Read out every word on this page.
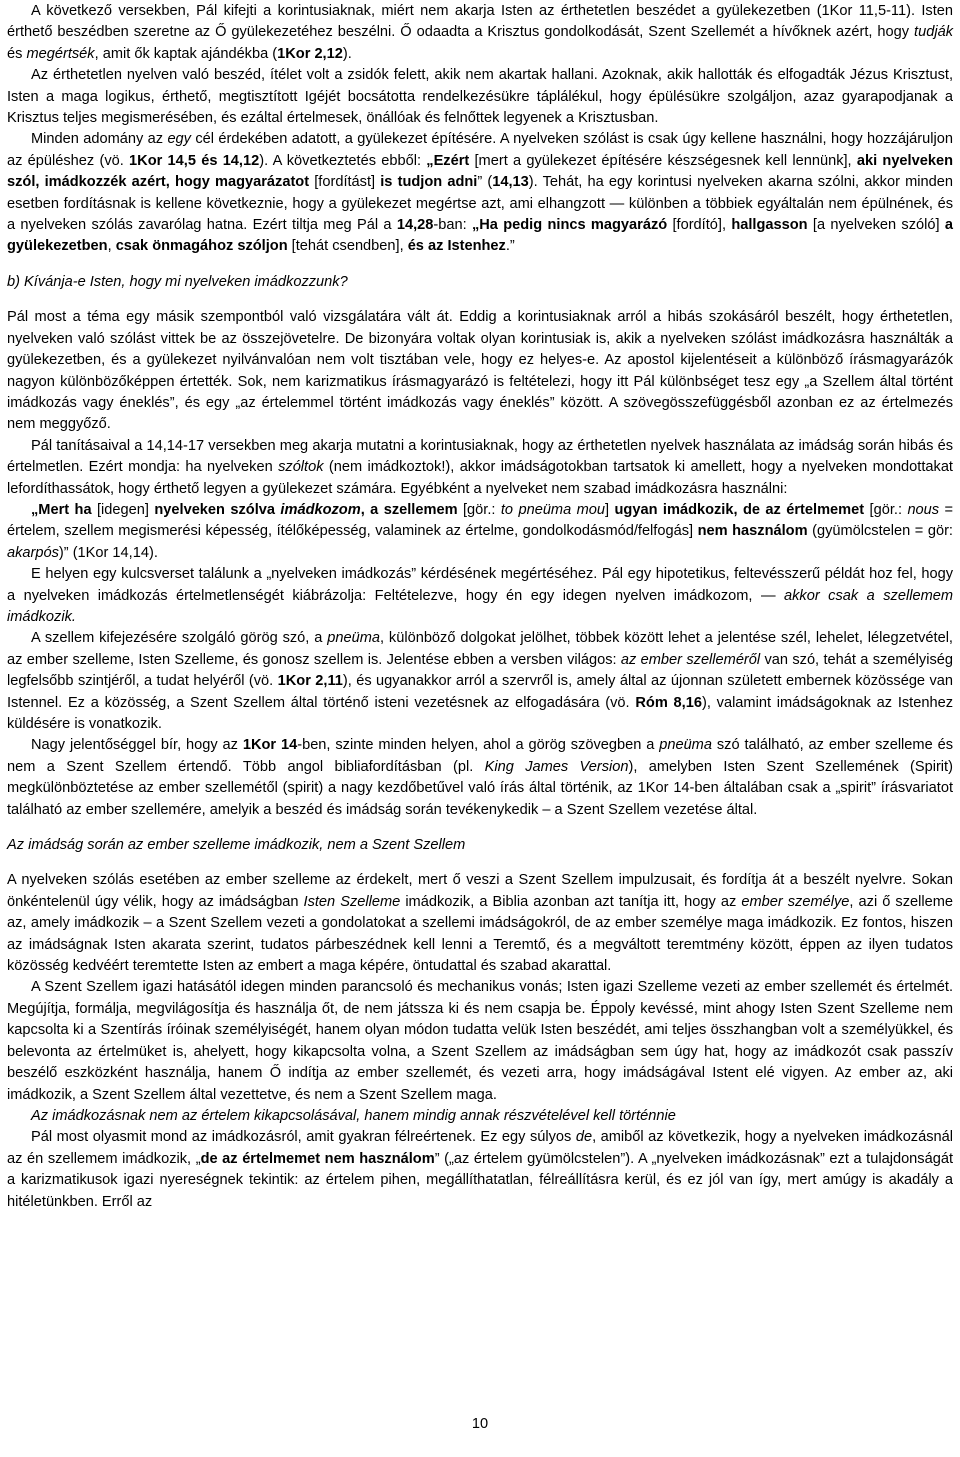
A következő versekben, Pál kifejti a korintusiaknak, miért nem akarja Isten az érthetetlen beszédet a gyülekezetben (1Kor 11,5-11). Isten érthető beszédben szeretne az Ő gyülekezetéhez beszélni. Ő odaadta a Krisztus gondolkodását, Szent Szellemét a hívőknek azért, hogy tudják és megértsék, amit ők kaptak ajándékba (1Kor 2,12).

Az érthetetlen nyelven való beszéd, ítélet volt a zsidók felett, akik nem akartak hallani. Azoknak, akik hallották és elfogadták Jézus Krisztust, Isten a maga logikus, érthető, megtisztított Igéjét bocsátotta rendelkezésükre táplálékul, hogy épülésükre szolgáljon, azaz gyarapodjanak a Krisztus teljes megismerésében, és ezáltal értelmesek, önállóak és felnőttek legyenek a Krisztusban.

Minden adomány az egy cél érdekében adatott, a gyülekezet építésére. A nyelveken szólást is csak úgy kellene használni, hogy hozzájáruljon az épüléshez (vö. 1Kor 14,5 és 14,12). A következtetés ebből: „Ezért [mert a gyülekezet építésére készségesnek kell lennünk], aki nyelveken szól, imádkozzék azért, hogy magyarázatot [fordítást] is tudjon adni” (14,13). Tehát, ha egy korintusi nyelveken akarna szólni, akkor minden esetben fordításnak is kellene következnie, hogy a gyülekezet megértse azt, ami elhangzott — különben a többiek egyáltalán nem épülnének, és a nyelveken szólás zavarólag hatna. Ezért tiltja meg Pál a 14,28-ban: „Ha pedig nincs magyarázó [fordító], hallgasson [a nyelveken szóló] a gyülekezetben, csak önmagához szóljon [tehát csendben], és az Istenhez.”

b) Kívánja-e Isten, hogy mi nyelveken imádkozzunk?

Pál most a téma egy másik szempontból való vizsgálatára vált át. Eddig a korintusiaknak arról a hibás szokásáról beszélt, hogy érthetetlen, nyelveken való szólást vittek be az összejövetelre. De bizonyára voltak olyan korintusiak is, akik a nyelveken szólást imádkozásra használták a gyülekezetben, és a gyülekezet nyilvánvalóan nem volt tisztában vele, hogy ez helyes-e. Az apostol kijelentéseit a különböző írásmagyarázók nagyon különbözőképpen értették. Sok, nem karizmatikus írásmagyarázó is feltételezi, hogy itt Pál különbséget tesz egy „a Szellem által történt imádkozás vagy éneklés”, és egy „az értelemmel történt imádkozás vagy éneklés” között. A szövegösszefüggésből azonban ez az értelmezés nem meggyőző.

Pál tanításaival a 14,14-17 versekben meg akarja mutatni a korintusiaknak, hogy az érthetetlen nyelvek használata az imádság során hibás és értelmetlen. Ezért mondja: ha nyelveken szóltok (nem imádkoztok!), akkor imádságotokban tartsatok ki amellett, hogy a nyelveken mondottakat lefordíthassátok, hogy érthető legyen a gyülekezet számára. Egyébként a nyelveket nem szabad imádkozásra használni:

„Mert ha [idegen] nyelveken szólva imádkozom, a szellemem [gör.: to pneüma mou] ugyan imádkozik, de az értelmemet [gör.: nous = értelem, szellem megismerési képesség, ítélőképesség, valaminek az értelme, gondolkodásmód/felfogás] nem használom (gyümölcstelen = gör: akarpós)” (1Kor 14,14).

E helyen egy kulcsverset találunk a „nyelveken imádkozás” kérdésének megértéséhez. Pál egy hipotetikus, feltevésszerű példát hoz fel, hogy a nyelveken imádkozás értelmetlenségét kiábrázolja: Feltételezve, hogy én egy idegen nyelven imádkozom, — akkor csak a szellemem imádkozik.

A szellem kifejezésére szolgáló görög szó, a pneüma, különböző dolgokat jelölhet, többek között lehet a jelentése szél, lehelet, lélegzetvétel, az ember szelleme, Isten Szelleme, és gonosz szellem is. Jelentése ebben a versben világos: az ember szelleméről van szó, tehát a személyiség legfelsőbb szintjéről, a tudat helyéről (vö. 1Kor 2,11), és ugyanakkor arról a szervről is, amely által az újonnan született embernek közössége van Istennel. Ez a közösség, a Szent Szellem által történő isteni vezetésnek az elfogadására (vö. Róm 8,16), valamint imádságoknak az Istenhez küldésére is vonatkozik.

Nagy jelentőséggel bír, hogy az 1Kor 14-ben, szinte minden helyen, ahol a görög szövegben a pneüma szó található, az ember szelleme és nem a Szent Szellem értendő. Több angol bibliafordításban (pl. King James Version), amelyben Isten Szent Szellemének (Spirit) megkülönböztetése az ember szellemétől (spirit) a nagy kezdőbetűvel való írás által történik, az 1Kor 14-ben általában csak a „spirit” írásvariatot található az ember szellemére, amelyik a beszéd és imádság során tevékenykedik – a Szent Szellem vezetése által.

Az imádság során az ember szelleme imádkozik, nem a Szent Szellem

A nyelveken szólás esetében az ember szelleme az érdekelt, mert ő veszi a Szent Szellem impulzusait, és fordítja át a beszélt nyelvre. Sokan önkéntelenül úgy vélik, hogy az imádságban Isten Szelleme imádkozik, a Biblia azonban azt tanítja itt, hogy az ember személye, azi ő szelleme az, amely imádkozik – a Szent Szellem vezeti a gondolatokat a szellemi imádságokról, de az ember személye maga imádkozik. Ez fontos, hiszen az imádságnak Isten akarata szerint, tudatos párbeszédnek kell lenni a Teremtő, és a megváltott teremtmény között, éppen az ilyen tudatos közösség kedvéért teremtette Isten az embert a maga képére, öntudattal és szabad akarattal.

A Szent Szellem igazi hatásától idegen minden parancsoló és mechanikus vonás; Isten igazi Szelleme vezeti az ember szellemét és értelmét. Megújítja, formálja, megvilágosítja és használja őt, de nem játssza ki és nem csapja be. Éppoly kevéssé, mint ahogy Isten Szent Szelleme nem kapcsolta ki a Szentírás íróinak személyiségét, hanem olyan módon tudatta velük Isten beszédét, ami teljes összhangban volt a személyükkel, és belevonta az értelmüket is, ahelyett, hogy kikapcsolta volna, a Szent Szellem az imádságban sem úgy hat, hogy az imádkozót csak passzív beszélő eszközként használja, hanem Ő indítja az ember szellemét, és vezeti arra, hogy imádságával Istent elé vigyen. Az ember az, aki imádkozik, a Szent Szellem által vezettetve, és nem a Szent Szellem maga.

Az imádkozásnak nem az értelem kikapcsolásával, hanem mindig annak részvételével kell történnie

Pál most olyasmit mond az imádkozásról, amit gyakran félreértenek. Ez egy súlyos de, amiből az következik, hogy a nyelveken imádkozásnál az én szellemem imádkozik, „de az értelmemet nem használom” („az értelem gyümölcstelen”). A „nyelveken imádkozásnak” ezt a tulajdonságát a karizmatikusok igazi nyereségnek tekintik: az értelem pihen, megállíthatatlan, félreállításra kerül, és ez jól van így, mert amúgy is akadály a hitéletünkben. Erről az

10
